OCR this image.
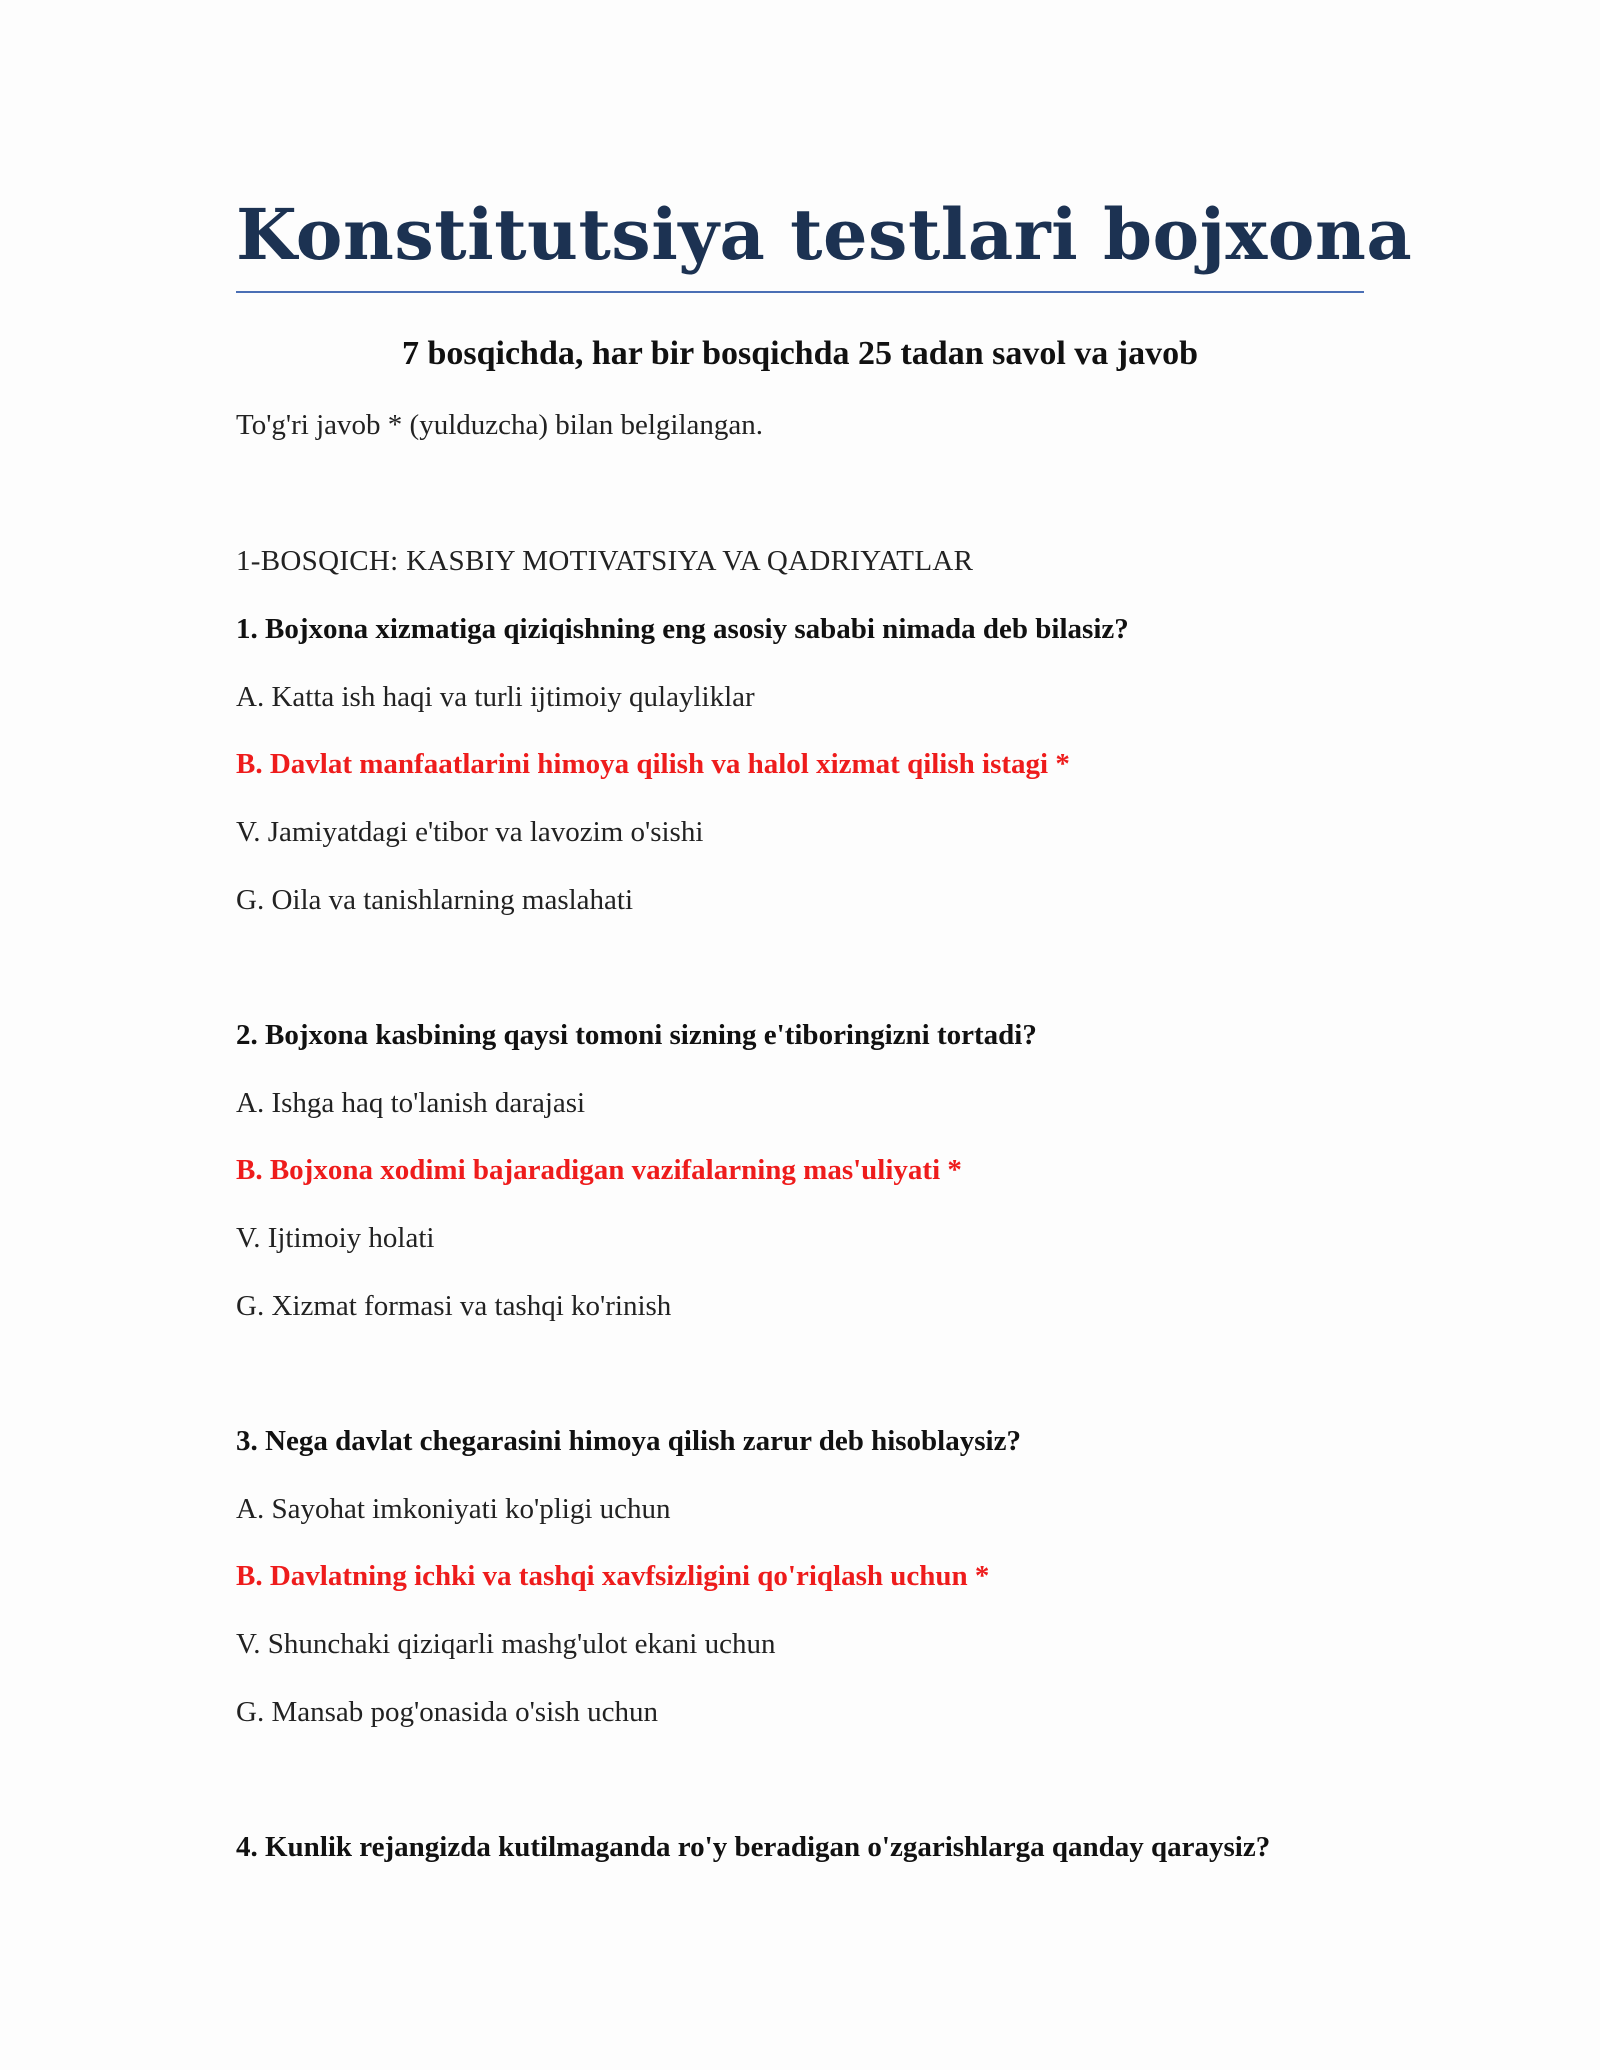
Konstitutsiya testlari bojxona
7 bosqichda, har bir bosqichda 25 tadan savol va javob
To'g'ri javob * (yulduzcha) bilan belgilangan.
1-BOSQICH: KASBIY MOTIVATSIYA VA QADRIYATLAR
1. Bojxona xizmatiga qiziqishning eng asosiy sababi nimada deb bilasiz?
A. Katta ish haqi va turli ijtimoiy qulayliklar
B. Davlat manfaatlarini himoya qilish va halol xizmat qilish istagi *
V. Jamiyatdagi e'tibor va lavozim o'sishi
G. Oila va tanishlarning maslahati
2. Bojxona kasbining qaysi tomoni sizning e'tiboringizni tortadi?
A. Ishga haq to'lanish darajasi
B. Bojxona xodimi bajaradigan vazifalarning mas'uliyati *
V. Ijtimoiy holati
G. Xizmat formasi va tashqi ko'rinish
3. Nega davlat chegarasini himoya qilish zarur deb hisoblaysiz?
A. Sayohat imkoniyati ko'pligi uchun
B. Davlatning ichki va tashqi xavfsizligini qo'riqlash uchun *
V. Shunchaki qiziqarli mashg'ulot ekani uchun
G. Mansab pog'onasida o'sish uchun
4. Kunlik rejangizda kutilmaganda ro'y beradigan o'zgarishlarga qanday qaraysiz?
